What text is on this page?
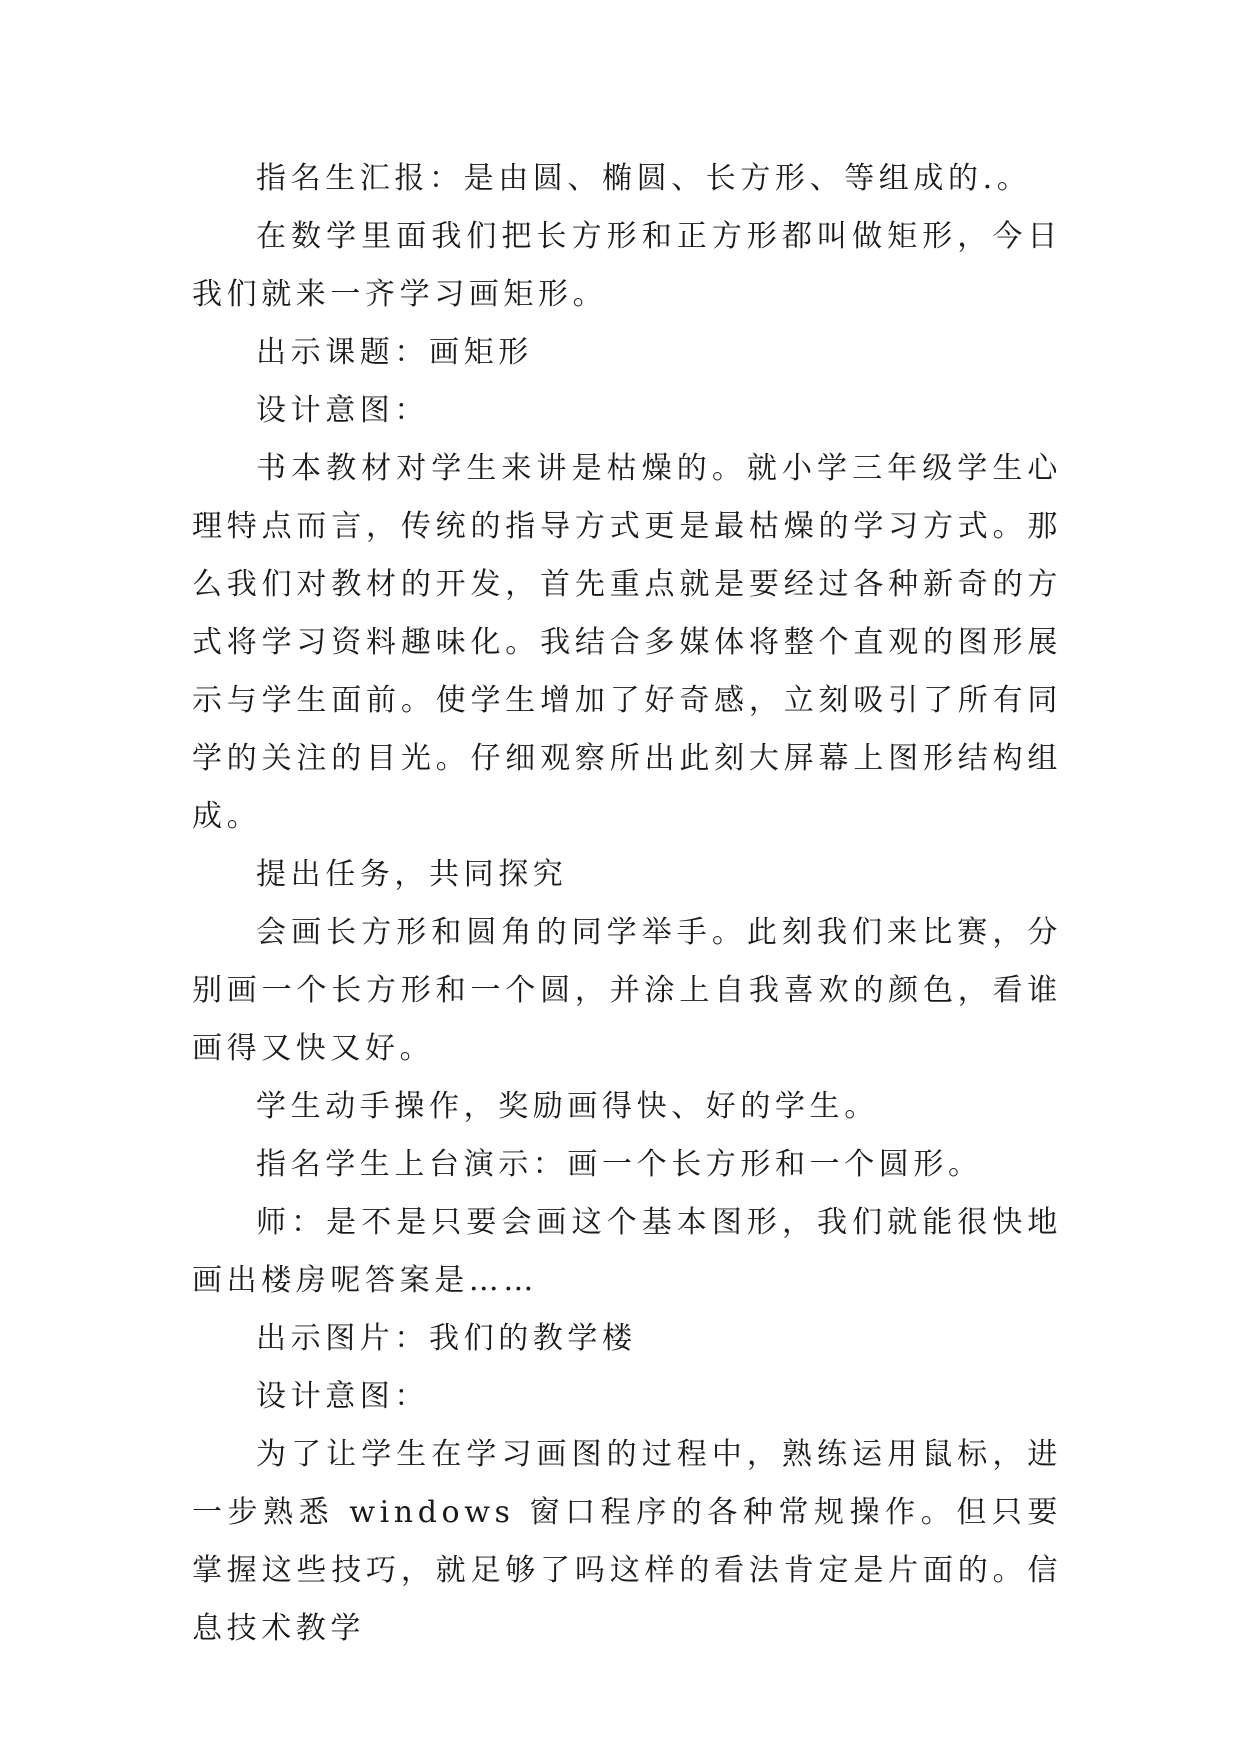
指名生汇报：是由圆、椭圆、长方形、等组成的.。

在数学里面我们把长方形和正方形都叫做矩形，今日我们就来一齐学习画矩形。

出示课题：画矩形

设计意图：

书本教材对学生来讲是枯燥的。就小学三年级学生心理特点而言，传统的指导方式更是最枯燥的学习方式。那么我们对教材的开发，首先重点就是要经过各种新奇的方式将学习资料趣味化。我结合多媒体将整个直观的图形展示与学生面前。使学生增加了好奇感，立刻吸引了所有同学的关注的目光。仔细观察所出此刻大屏幕上图形结构组成。

提出任务，共同探究

会画长方形和圆角的同学举手。此刻我们来比赛，分别画一个长方形和一个圆，并涂上自我喜欢的颜色，看谁画得又快又好。

学生动手操作，奖励画得快、好的学生。

指名学生上台演示：画一个长方形和一个圆形。

师：是不是只要会画这个基本图形，我们就能很快地画出楼房呢答案是……

出示图片：我们的教学楼

设计意图：

为了让学生在学习画图的过程中，熟练运用鼠标，进一步熟悉 windows 窗口程序的各种常规操作。但只要掌握这些技巧，就足够了吗这样的看法肯定是片面的。信息技术教学
